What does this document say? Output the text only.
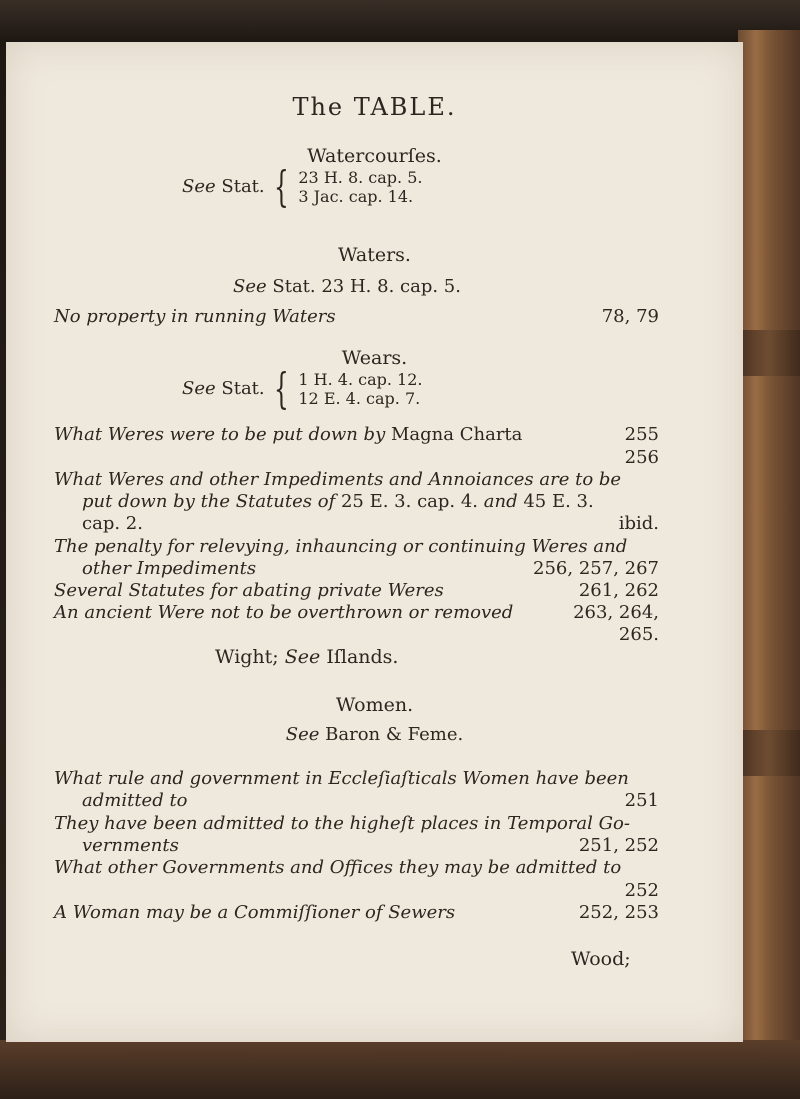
The TABLE.
Watercourſes.
See
Stat. { 23 H. 8. cap. 5.
3 Jac. cap. 14.
Waters.
See Stat. 23 H. 8. cap. 5.
No property in running Waters	78, 79
Wears.
See
Stat. { 1 H. 4. cap. 12.
12 E. 4. cap. 7.
What Weres were to be put down by Magna Charta	255
256
What Weres and other Impediments and Annoiances are to be
put down by the Statutes of 25 E. 3. cap. 4. and 45 E. 3.
cap. 2.	ibid.
The penalty for relevying, inhauncing or continuing Weres and
other Impediments	256, 257, 267
Several Statutes for abating private Weres	261, 262
An ancient Were not to be overthrown or removed	263, 264,
265.
Wight; See Iſlands.
Women.
See Baron & Feme.
What rule and government in Eccleſiaſticals Women have been
admitted to	251
They have been admitted to the higheſt places in Temporal Go-
vernments	251, 252
What other Governments and Offices they may be admitted to
252
A Woman may be a Commiſſioner of Sewers	252, 253
Wood;
